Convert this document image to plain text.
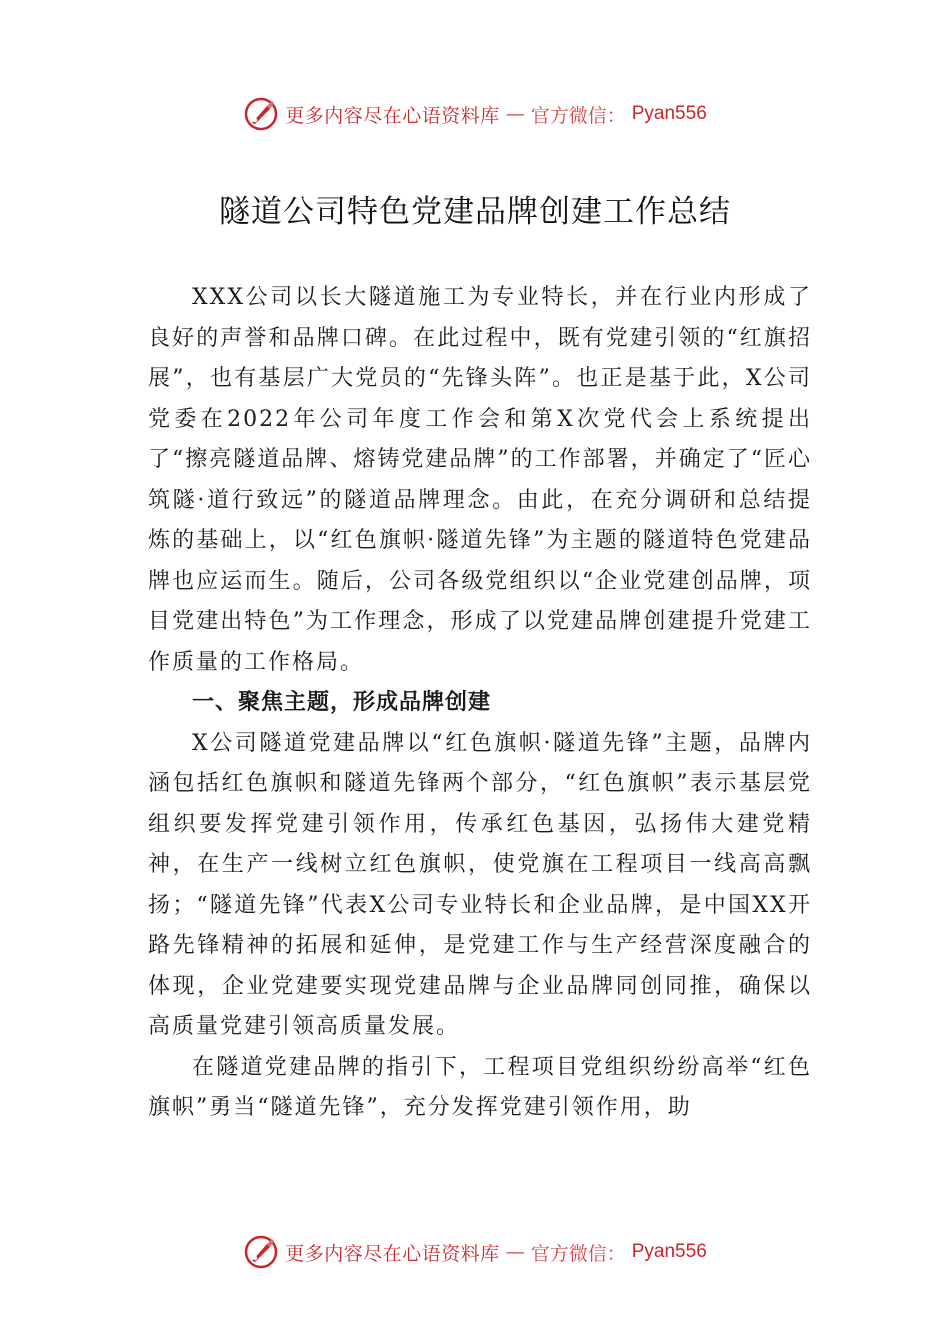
更多内容尽在心语资料库 — 官方微信： Pyan556
隧道公司特色党建品牌创建工作总结

XXX公司以长大隧道施工为专业特长，并在行业内形成了良好的声誉和品牌口碑。在此过程中，既有党建引领的“红旗招展”，也有基层广大党员的“先锋头阵”。也正是基于此，X公司党委在2022年公司年度工作会和第X次党代会上系统提出了“擦亮隧道品牌、熔铸党建品牌”的工作部署，并确定了“匠心筑隧·道行致远”的隧道品牌理念。由此，在充分调研和总结提炼的基础上，以“红色旗帜·隧道先锋”为主题的隧道特色党建品牌也应运而生。随后，公司各级党组织以“企业党建创品牌，项目党建出特色”为工作理念，形成了以党建品牌创建提升党建工作质量的工作格局。

一、聚焦主题，形成品牌创建

X公司隧道党建品牌以“红色旗帜·隧道先锋”主题，品牌内涵包括红色旗帜和隧道先锋两个部分，“红色旗帜”表示基层党组织要发挥党建引领作用，传承红色基因，弘扬伟大建党精神，在生产一线树立红色旗帜，使党旗在工程项目一线高高飘扬；“隧道先锋”代表X公司专业特长和企业品牌，是中国XX开路先锋精神的拓展和延伸，是党建工作与生产经营深度融合的体现，企业党建要实现党建品牌与企业品牌同创同推，确保以高质量党建引领高质量发展。

在隧道党建品牌的指引下，工程项目党组织纷纷高举“红色旗帜”勇当“隧道先锋”，充分发挥党建引领作用，助

更多内容尽在心语资料库 — 官方微信： Pyan556
